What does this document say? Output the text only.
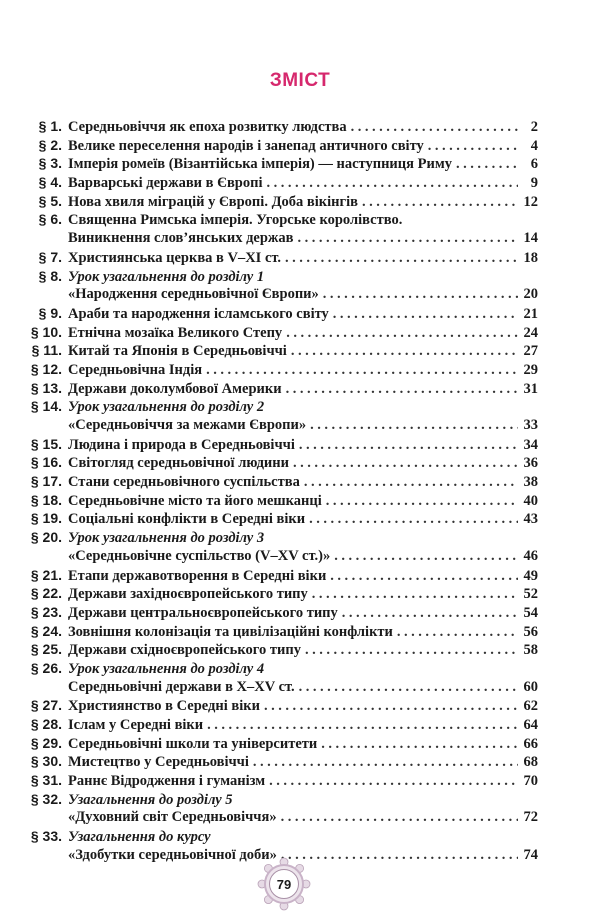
ЗМІСТ
§ 1. Середньовіччя як епоха розвитку людства .....	2
§ 2. Велике переселення народів і занепад античного світу .....	4
§ 3. Імперія ромеїв (Візантійська імперія) — наступниця Риму .....	6
§ 4. Варварські держави в Європі .....	9
§ 5. Нова хвиля міграцій у Європі. Доба вікінгів .....	12
§ 6. Священна Римська імперія. Угорське королівство.
Виникнення слов’янських держав .....	14
§ 7. Християнська церква в V–XI ст. .....	18
§ 8. Урок узагальнення до розділу 1
«Народження середньовічної Європи» .....	20
§ 9. Араби та народження ісламського світу .....	21
§ 10. Етнічна мозаїка Великого Степу .....	24
§ 11. Китай та Японія в Середньовіччі .....	27
§ 12. Середньовічна Індія .....	29
§ 13. Держави доколумбової Америки .....	31
§ 14. Урок узагальнення до розділу 2
«Середньовіччя за межами Європи» .....	33
§ 15. Людина і природа в Середньовіччі .....	34
§ 16. Світогляд середньовічної людини .....	36
§ 17. Стани середньовічного суспільства .....	38
§ 18. Середньовічне місто та його мешканці .....	40
§ 19. Соціальні конфлікти в Середні віки .....	43
§ 20. Урок узагальнення до розділу 3
«Середньовічне суспільство (V–XV ст.)» .....	46
§ 21. Етапи державотворення в Середні віки .....	49
§ 22. Держави західноєвропейського типу .....	52
§ 23. Держави центральноєвропейського типу .....	54
§ 24. Зовнішня колонізація та цивілізаційні конфлікти .....	56
§ 25. Держави східноєвропейського типу .....	58
§ 26. Урок узагальнення до розділу 4
Середньовічні держави в X–XV ст. .....	60
§ 27. Християнство в Середні віки .....	62
§ 28. Іслам у Середні віки .....	64
§ 29. Середньовічні школи та університети .....	66
§ 30. Мистецтво у Середньовіччі .....	68
§ 31. Раннє Відродження і гуманізм .....	70
§ 32. Узагальнення до розділу 5
«Духовний світ Середньовіччя» .....	72
§ 33. Узагальнення до курсу
«Здобутки середньовічної доби» .....	74
79
